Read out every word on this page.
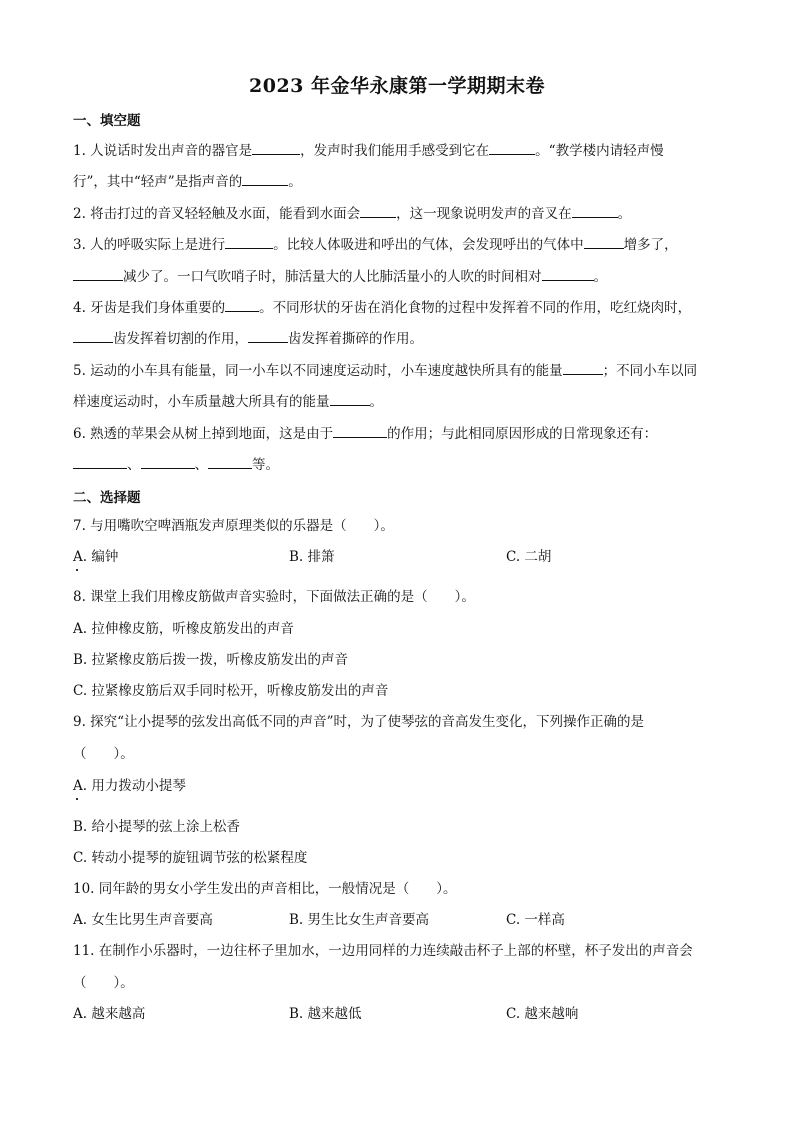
2023 年金华永康第一学期期末卷
一、填空题
1. 人说话时发出声音的器官是	，发声时我们能用手感受到它在	。“教学楼内请轻声慢
行”，其中“轻声”是指声音的	。
2. 将击打过的音叉轻轻触及水面，能看到水面会	，这一现象说明发声的音叉在	。
3. 人的呼吸实际上是进行	。比较人体吸进和呼出的气体，会发现呼出的气体中	增多了，
减少了。一口气吹哨子时，肺活量大的人比肺活量小的人吹的时间相对	。
4. 牙齿是我们身体重要的	。不同形状的牙齿在消化食物的过程中发挥着不同的作用，吃红烧肉时，
齿发挥着切割的作用，	齿发挥着撕碎的作用。
5. 运动的小车具有能量，同一小车以不同速度运动时，小车速度越快所具有的能量	；不同小车以同
样速度运动时，小车质量越大所具有的能量	。
6. 熟透的苹果会从树上掉到地面，这是由于	的作用；与此相同原因形成的日常现象还有：
、	、	等。
二、选择题
7. 与用嘴吹空啤酒瓶发声原理类似的乐器是（　　）。
A. 编钟	B. 排箫	C. 二胡
8. 课堂上我们用橡皮筋做声音实验时，下面做法正确的是（　　）。
A. 拉伸橡皮筋，听橡皮筋发出的声音
B. 拉紧橡皮筋后拨一拨，听橡皮筋发出的声音
C. 拉紧橡皮筋后双手同时松开，听橡皮筋发出的声音
9. 探究“让小提琴的弦发出高低不同的声音”时，为了使琴弦的音高发生变化，下列操作正确的是
（　　）。
A. 用力拨动小提琴
B. 给小提琴的弦上涂上松香
C. 转动小提琴的旋钮调节弦的松紧程度
10. 同年龄的男女小学生发出的声音相比，一般情况是（　　）。
A. 女生比男生声音要高	B. 男生比女生声音要高	C. 一样高
11. 在制作小乐器时，一边往杯子里加水，一边用同样的力连续敲击杯子上部的杯壁，杯子发出的声音会
（　　）。
A. 越来越高	B. 越来越低	C. 越来越响
